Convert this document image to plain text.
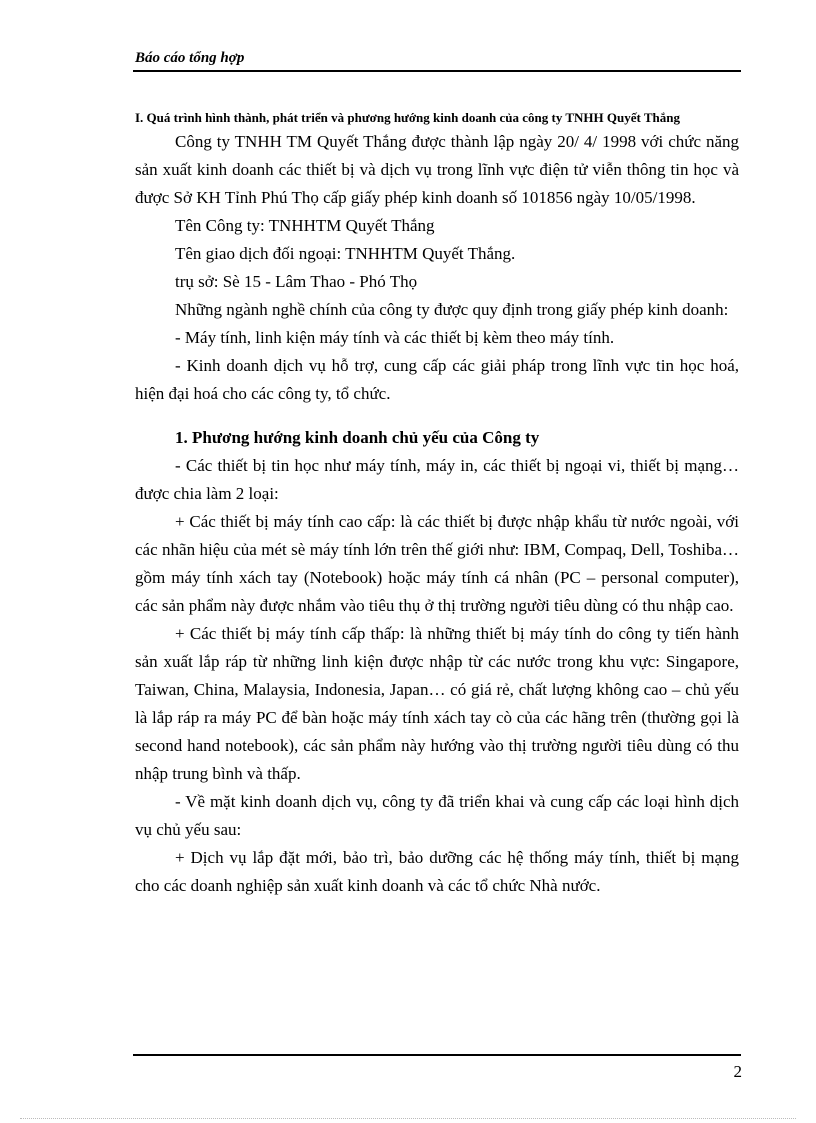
Báo cáo tổng hợp

I. Quá trình hình thành, phát triển và phương hướng kinh doanh của công ty TNHH Quyết Thắng

Công ty TNHH TM Quyết Thắng được thành lập ngày 20/ 4/ 1998 với chức năng sản xuất kinh doanh các thiết bị và dịch vụ trong lĩnh vực điện tử viễn thông tin học và được Sở KH Tỉnh Phú Thọ cấp giấy phép kinh doanh số 101856 ngày 10/05/1998.

Tên Công ty: TNHHTM Quyết Thắng

Tên giao dịch đối ngoại: TNHHTM Quyết Thắng.

trụ sở: Sè 15 - Lâm Thao - Phó Thọ

Những ngành nghề chính của công ty được quy định trong giấy phép kinh doanh:

- Máy tính, linh kiện máy tính và các thiết bị kèm theo máy tính.

- Kinh doanh dịch vụ hỗ trợ, cung cấp các giải pháp trong lĩnh vực tin học hoá, hiện đại hoá cho các công ty, tổ chức.

1. Phương hướng kinh doanh chủ yếu của Công ty

- Các thiết bị tin học như máy tính, máy in, các thiết bị ngoại vi, thiết bị mạng… được chia làm 2 loại:

+ Các thiết bị máy tính cao cấp: là các thiết bị được nhập khẩu từ nước ngoài, với các nhãn hiệu của mét sè máy tính lớn trên thế giới như: IBM, Compaq, Dell, Toshiba… gồm máy tính xách tay (Notebook) hoặc máy tính cá nhân (PC – personal computer), các sản phẩm này được nhắm vào tiêu thụ ở thị trường người tiêu dùng có thu nhập cao.

+ Các thiết bị máy tính cấp thấp: là những thiết bị máy tính do công ty tiến hành sản xuất lắp ráp từ những linh kiện được nhập từ các nước trong khu vực: Singapore, Taiwan, China, Malaysia, Indonesia, Japan… có giá rẻ, chất lượng không cao – chủ yếu là lắp ráp ra máy PC để bàn hoặc máy tính xách tay cò của các hãng trên (thường gọi là second hand notebook), các sản phẩm này hướng vào thị trường người tiêu dùng có thu nhập trung bình và thấp.

- Về mặt kinh doanh dịch vụ, công ty đã triển khai và cung cấp các loại hình dịch vụ chủ yếu sau:

+ Dịch vụ lắp đặt mới, bảo trì, bảo dưỡng các hệ thống máy tính, thiết bị mạng cho các doanh nghiệp sản xuất kinh doanh và các tổ chức Nhà nước.

2
